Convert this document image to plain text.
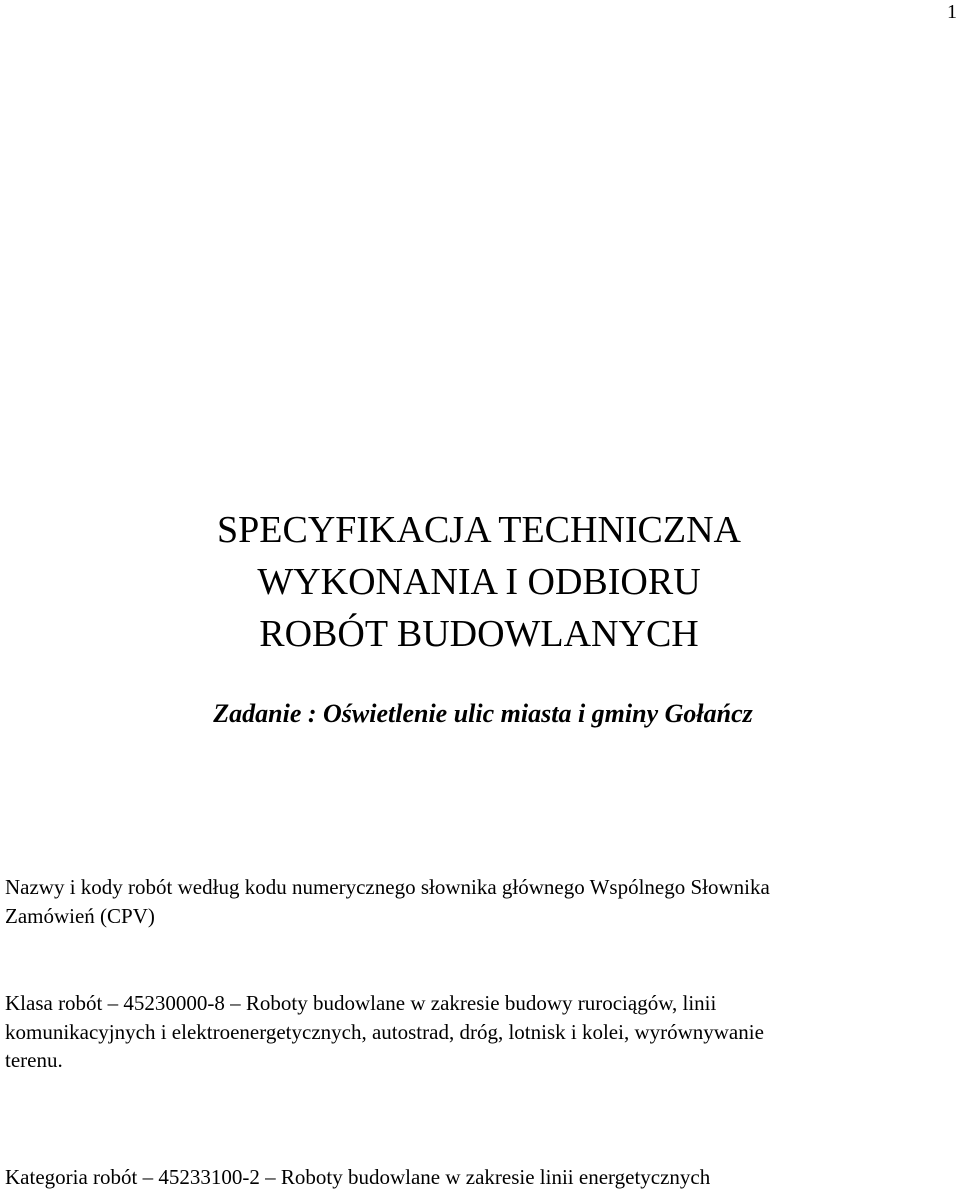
1
SPECYFIKACJA TECHNICZNA
WYKONANIA I ODBIORU
ROBÓT BUDOWLANYCH
Zadanie : Oświetlenie ulic miasta i gminy Gołańcz
Nazwy i kody robót według kodu numerycznego słownika głównego Wspólnego Słownika
Zamówień (CPV)
Klasa robót – 45230000-8 – Roboty budowlane w zakresie budowy rurociągów, linii
komunikacyjnych i elektroenergetycznych, autostrad, dróg, lotnisk i kolei, wyrównywanie
terenu.
Kategoria robót – 45233100-2 – Roboty budowlane w zakresie linii energetycznych
